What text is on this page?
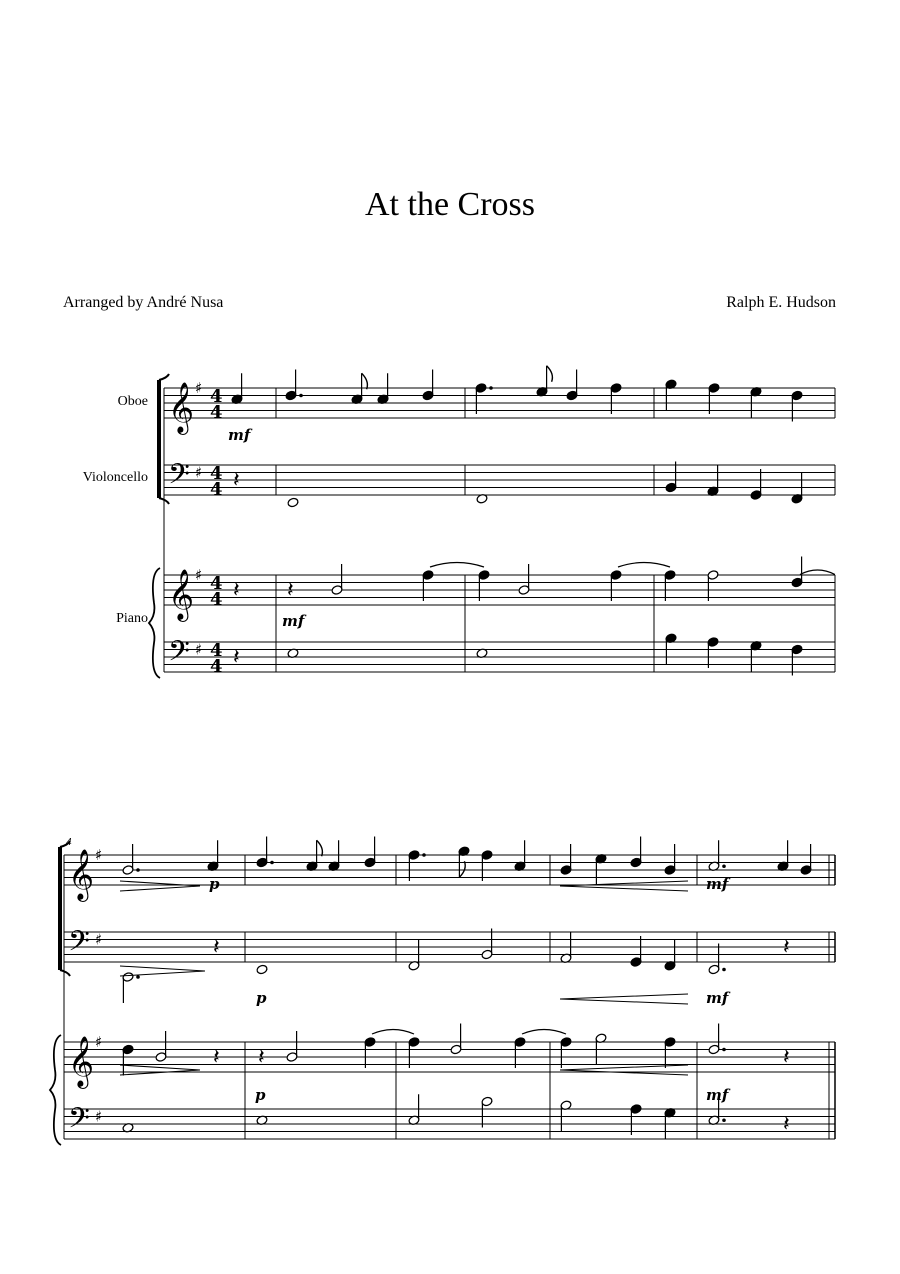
At the Cross
Arranged by André Nusa	Ralph E. Hudson
Oboe
Violoncello
Piano
4
𝄞
𝄢
𝄞
𝄢
♯
♯
♯
♯
4
4
4
4
4
4
4
4
mf
𝄽
𝄽 𝄽
mf
𝄽
𝄞
𝄢
𝄞
𝄢
♯
♯
♯
♯
p	mf
𝄽
p	mf
𝄽
𝄽 𝄽
p	mf
𝄽
𝄽
